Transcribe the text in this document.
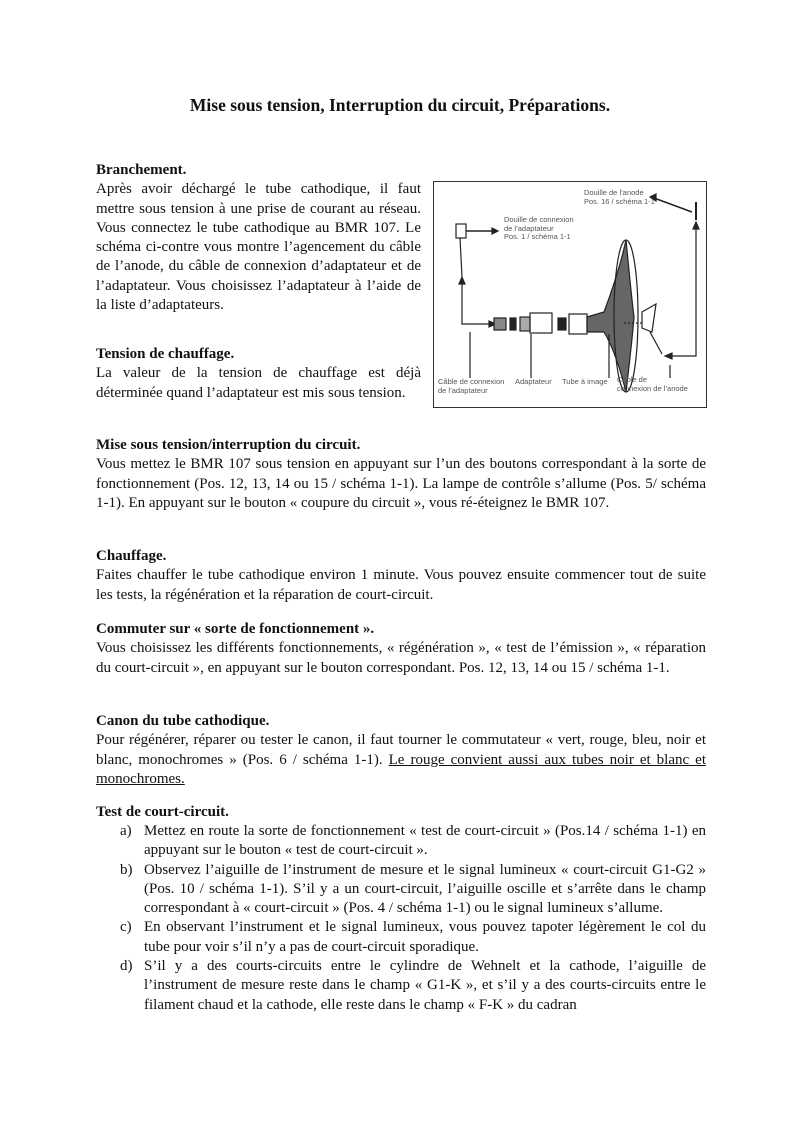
Mise sous tension, Interruption du circuit, Préparations.
Branchement.
Après avoir déchargé le tube cathodique, il faut mettre sous tension à une prise de courant au réseau. Vous connectez le tube cathodique au BMR 107. Le schéma ci-contre vous montre l’agencement du câble de l’anode, du câble de connexion d’adaptateur et de l’adaptateur. Vous choisissez l’adaptateur à l’aide de la liste d’adaptateurs.
Tension de chauffage.
La valeur de la tension de chauffage est déjà déterminée quand l’adaptateur est mis sous tension.
Douille de l’anode
Pos. 16 / schéma 1-1
Douille de connexion
de l’adaptateur
Pos. 1 / schéma 1-1
Câble de connexion
de l’adaptateur
Adaptateur Tube à image Câble de
connexion de l’anode
Mise sous tension/interruption du circuit.
Vous mettez le BMR 107 sous tension en appuyant sur l’un des boutons correspondant à la sorte de fonctionnement (Pos. 12, 13, 14 ou 15 / schéma 1-1). La lampe de contrôle s’allume (Pos. 5/ schéma 1-1). En appuyant sur le bouton « coupure du circuit », vous ré-éteignez le BMR 107.
Chauffage.
Faites chauffer le tube cathodique environ 1 minute. Vous pouvez ensuite commencer tout de suite les tests, la régénération et la réparation de court-circuit.
Commuter sur « sorte de fonctionnement ».
Vous choisissez les différents fonctionnements, « régénération », « test de l’émission », « réparation du court-circuit », en appuyant sur le bouton correspondant. Pos. 12, 13, 14 ou 15 / schéma 1-1.
Canon du tube cathodique.
Pour régénérer, réparer ou tester le canon, il faut tourner le commutateur « vert, rouge, bleu, noir et blanc, monochromes » (Pos. 6 / schéma 1-1). Le rouge convient aussi aux tubes noir et blanc et monochromes.
Test de court-circuit.
a) Mettez en route la sorte de fonctionnement « test de court-circuit » (Pos.14 / schéma 1-1) en appuyant sur le bouton « test de court-circuit ».
b) Observez l’aiguille de l’instrument de mesure et le signal lumineux « court-circuit G1-G2 » (Pos. 10 / schéma 1-1). S’il y a un court-circuit, l’aiguille oscille et s’arrête dans le champ correspondant à « court-circuit » (Pos. 4 / schéma 1-1) ou le signal lumineux s’allume.
c) En observant l’instrument et le signal lumineux, vous pouvez tapoter légèrement le col du tube pour voir s’il n’y a pas de court-circuit sporadique.
d) S’il y a des courts-circuits entre le cylindre de Wehnelt et la cathode, l’aiguille de l’instrument de mesure reste dans le champ « G1-K », et s’il y a des courts-circuits entre le filament chaud et la cathode, elle reste dans le champ « F-K » du cadran
